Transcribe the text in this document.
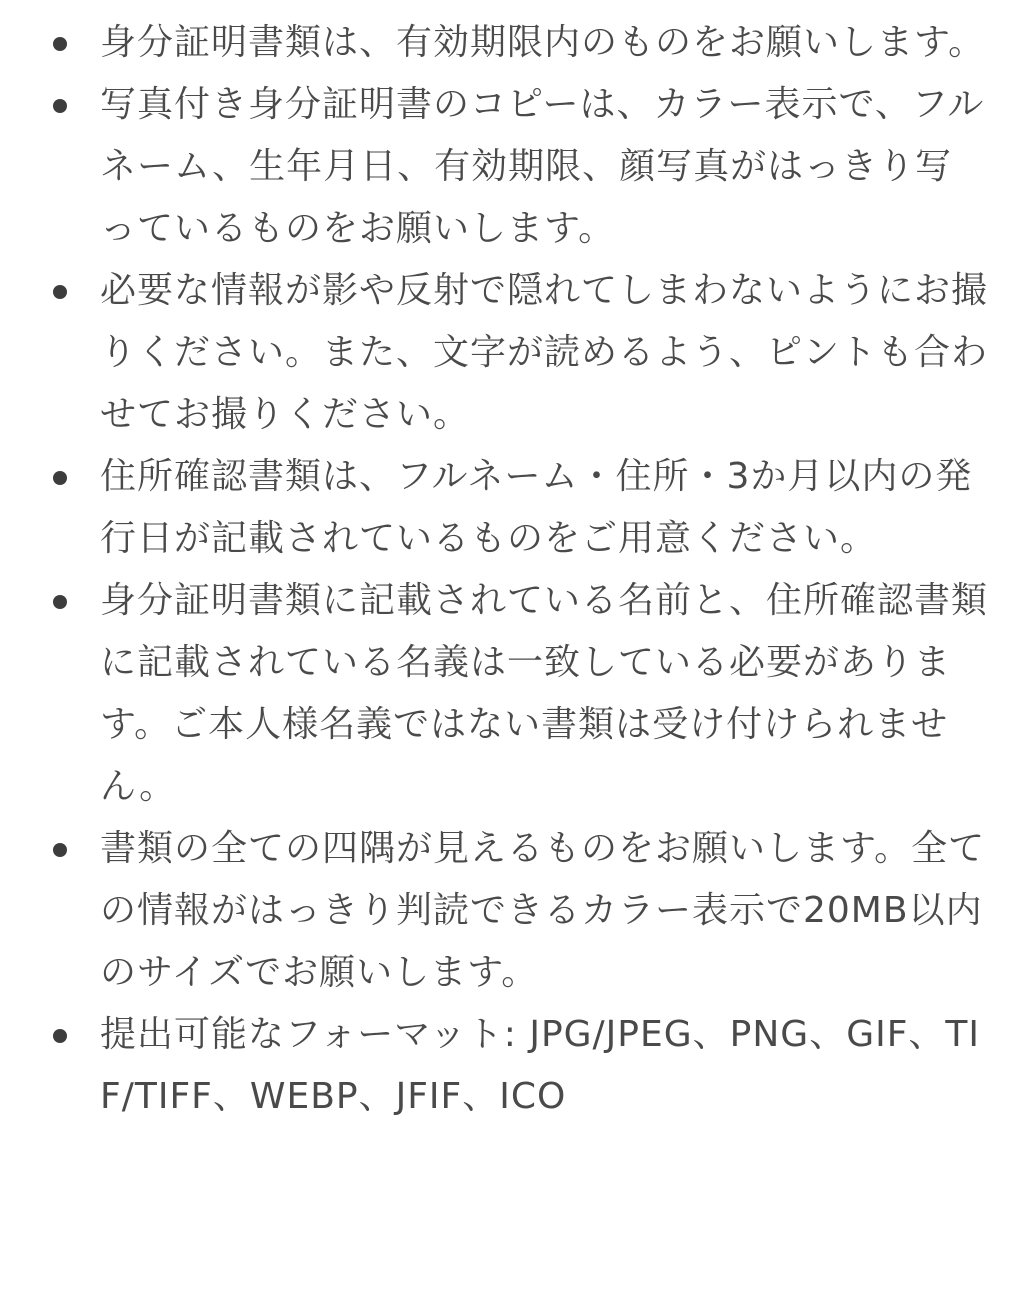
身分証明書類は、有効期限内のものをお願いします。
写真付き身分証明書のコピーは、カラー表示で、フルネーム、生年月日、有効期限、顔写真がはっきり写っているものをお願いします。
必要な情報が影や反射で隠れてしまわないようにお撮りください。また、文字が読めるよう、ピントも合わせてお撮りください。
住所確認書類は、フルネーム・住所・3か月以内の発行日が記載されているものをご用意ください。
身分証明書類に記載されている名前と、住所確認書類に記載されている名義は一致している必要があります。ご本人様名義ではない書類は受け付けられません。
書類の全ての四隅が見えるものをお願いします。全ての情報がはっきり判読できるカラー表示で20MB以内のサイズでお願いします。
提出可能なフォーマット: JPG/JPEG、PNG、GIF、TIF/TIFF、WEBP、JFIF、ICO
